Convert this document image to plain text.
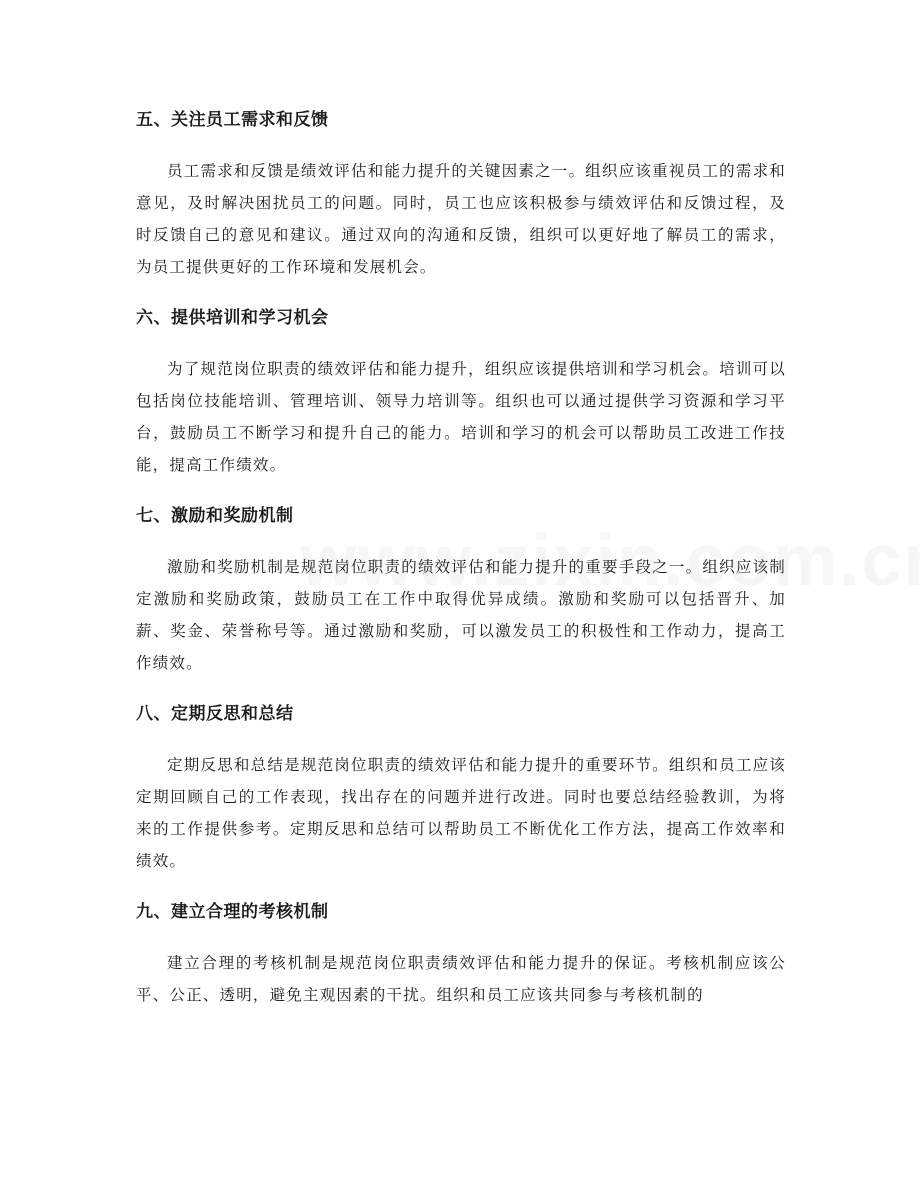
五、关注员工需求和反馈

员工需求和反馈是绩效评估和能力提升的关键因素之一。组织应该重视员工的需求和意见，及时解决困扰员工的问题。同时，员工也应该积极参与绩效评估和反馈过程，及时反馈自己的意见和建议。通过双向的沟通和反馈，组织可以更好地了解员工的需求，为员工提供更好的工作环境和发展机会。

六、提供培训和学习机会

为了规范岗位职责的绩效评估和能力提升，组织应该提供培训和学习机会。培训可以包括岗位技能培训、管理培训、领导力培训等。组织也可以通过提供学习资源和学习平台，鼓励员工不断学习和提升自己的能力。培训和学习的机会可以帮助员工改进工作技能，提高工作绩效。

七、激励和奖励机制

激励和奖励机制是规范岗位职责的绩效评估和能力提升的重要手段之一。组织应该制定激励和奖励政策，鼓励员工在工作中取得优异成绩。激励和奖励可以包括晋升、加薪、奖金、荣誉称号等。通过激励和奖励，可以激发员工的积极性和工作动力，提高工作绩效。

八、定期反思和总结

定期反思和总结是规范岗位职责的绩效评估和能力提升的重要环节。组织和员工应该定期回顾自己的工作表现，找出存在的问题并进行改进。同时也要总结经验教训，为将来的工作提供参考。定期反思和总结可以帮助员工不断优化工作方法，提高工作效率和绩效。

九、建立合理的考核机制

建立合理的考核机制是规范岗位职责绩效评估和能力提升的保证。考核机制应该公平、公正、透明，避免主观因素的干扰。组织和员工应该共同参与考核机制的
